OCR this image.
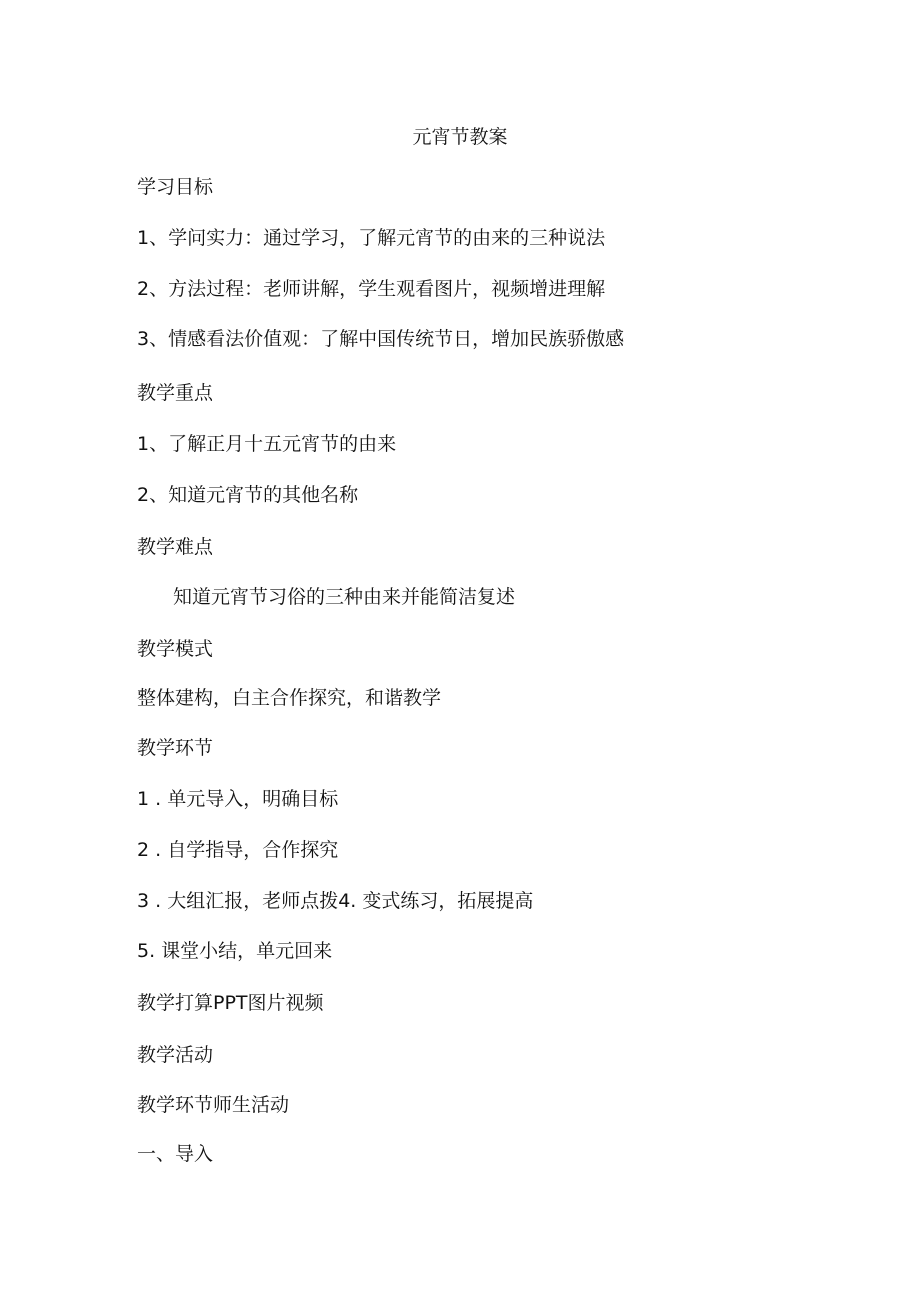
元宵节教案

学习目标

1、学问实力：通过学习，了解元宵节的由来的三种说法

2、方法过程：老师讲解，学生观看图片，视频增进理解

3、情感看法价值观：了解中国传统节日，增加民族骄傲感

教学重点

1、了解正月十五元宵节的由来

2、知道元宵节的其他名称

教学难点

知道元宵节习俗的三种由来并能简洁复述

教学模式

整体建构，白主合作探究，和谐教学

教学环节

1 . 单元导入，明确目标

2 . 自学指导，合作探究

3 . 大组汇报，老师点拨4. 变式练习，拓展提高

5. 课堂小结，单元回来

教学打算PPT图片视频

教学活动

教学环节师生活动

一、导入
